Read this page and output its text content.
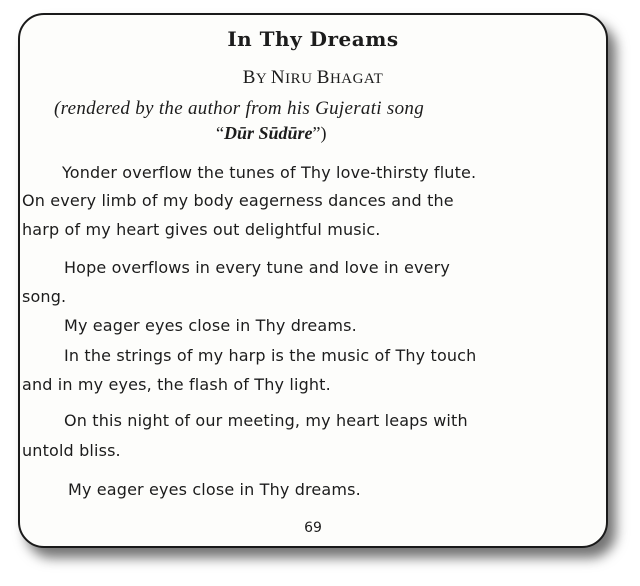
In Thy Dreams
BY NIRU BHAGAT
(rendered by the author from his Gujerati song
“Dūr Sūdūre”)
Yonder overflow the tunes of Thy love-thirsty flute.
On every limb of my body eagerness dances and the
harp of my heart gives out delightful music.
Hope overflows in every tune and love in every
song.
My eager eyes close in Thy dreams.
In the strings of my harp is the music of Thy touch
and in my eyes, the flash of Thy light.
On this night of our meeting, my heart leaps with
untold bliss.
My eager eyes close in Thy dreams.
69
